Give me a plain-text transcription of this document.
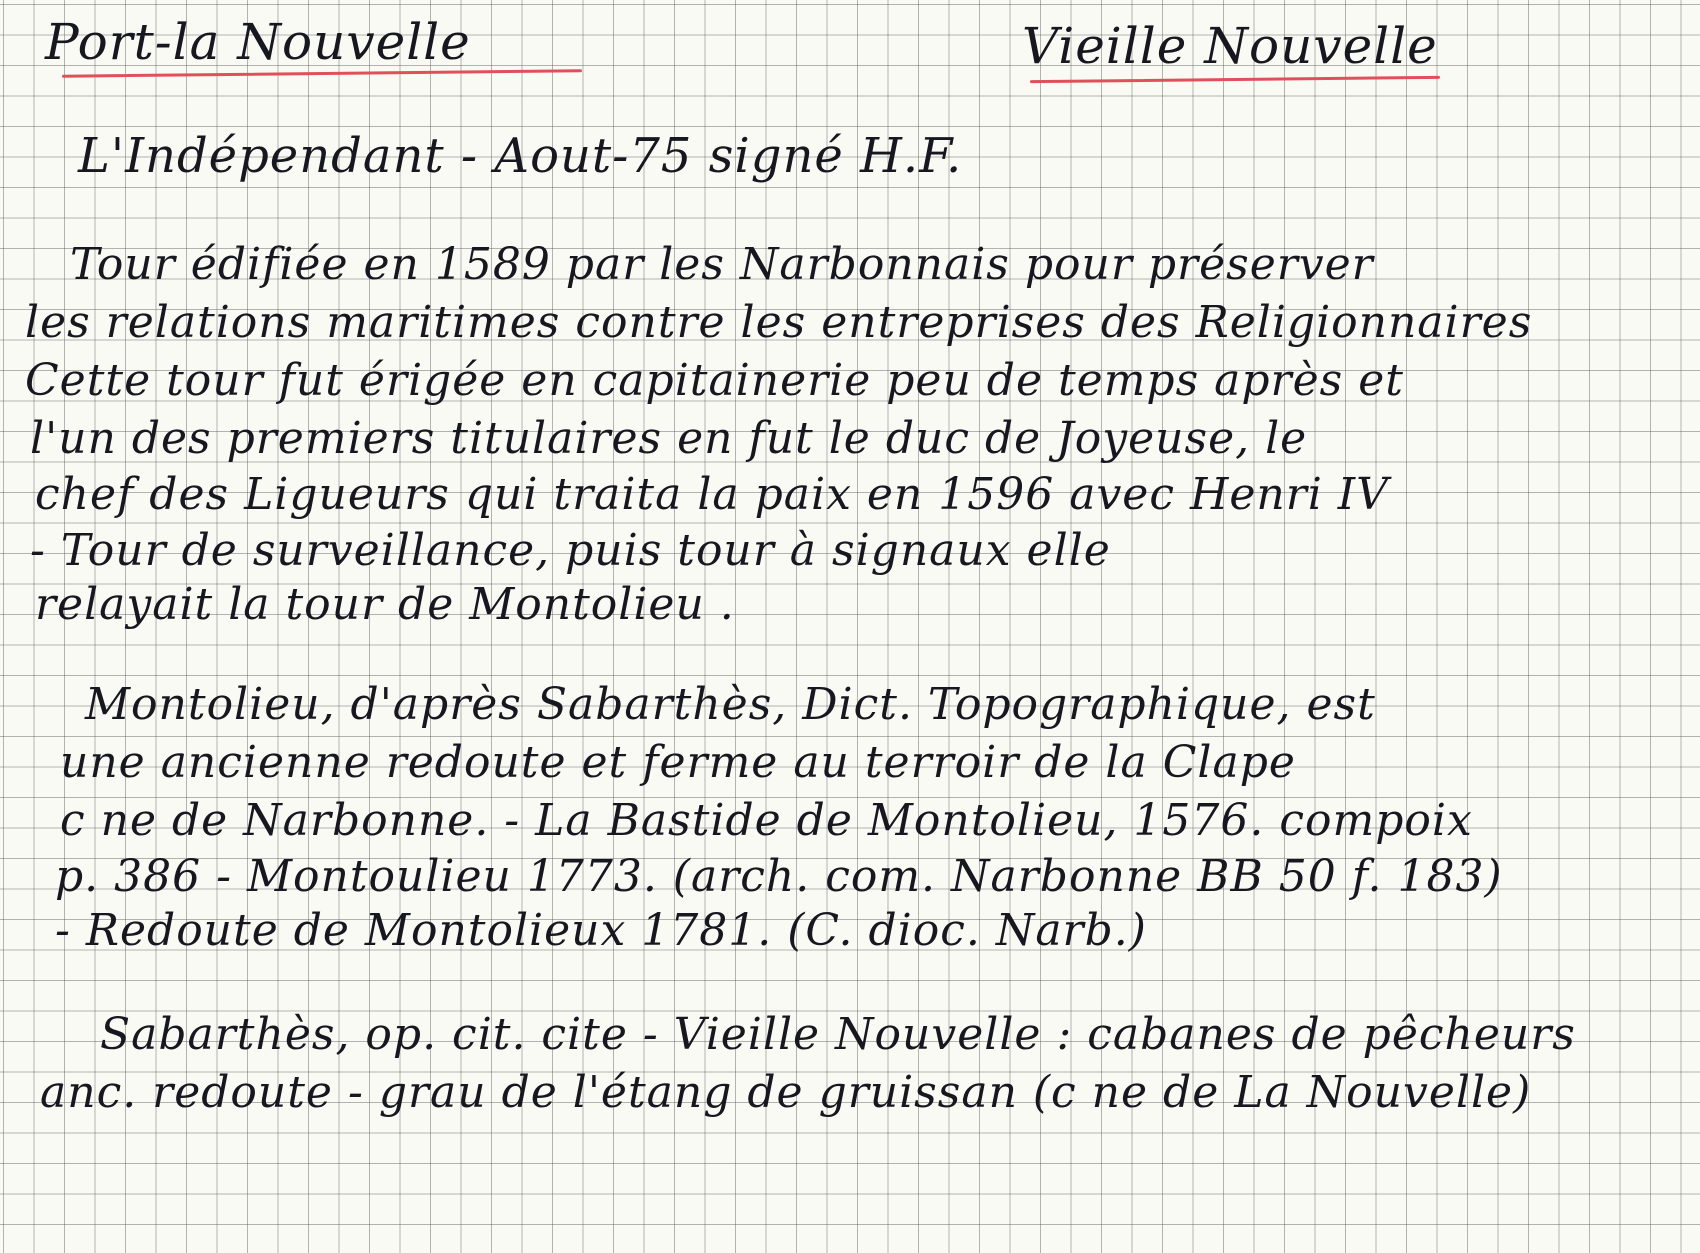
Port-la Nouvelle	Vieille Nouvelle
L'Indépendant - Aout-75 signé H.F.
Tour édifiée en 1589 par les Narbonnais pour préserver
les relations maritimes contre les entreprises des Religionnaires
Cette tour fut érigée en capitainerie peu de temps après et
l'un des premiers titulaires en fut le duc de Joyeuse, le
chef des Ligueurs qui traita la paix en 1596 avec Henri IV
- Tour de surveillance, puis tour à signaux elle
relayait la tour de Montolieu .
Montolieu, d'après Sabarthès, Dict. Topographique, est
une ancienne redoute et ferme au terroir de la Clape
c ne de Narbonne. - La Bastide de Montolieu, 1576. compoix
p. 386 - Montoulieu 1773. (arch. com. Narbonne BB 50 f. 183)
- Redoute de Montolieux 1781. (C. dioc. Narb.)
Sabarthès, op. cit. cite - Vieille Nouvelle : cabanes de pêcheurs
anc. redoute - grau de l'étang de gruissan (c ne de La Nouvelle)
